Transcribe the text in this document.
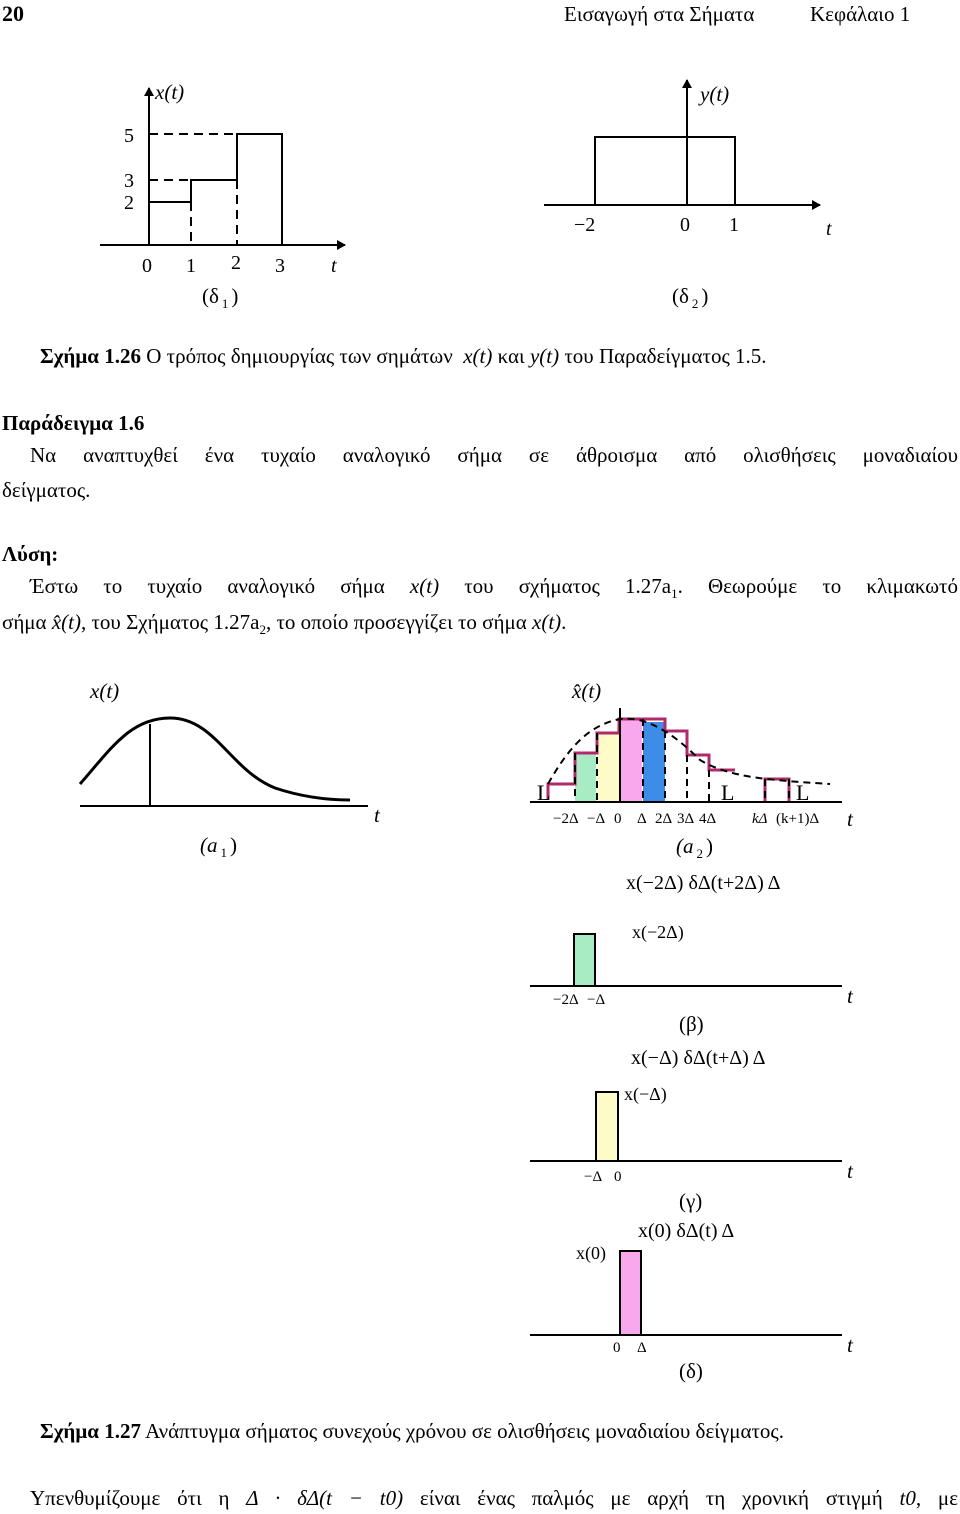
20	Εισαγωγή στα Σήματα	Κεφάλαιο 1
x(t)
5
3
2
0 1 2 3 t
(δ $_1$ )
y(t)
−2	0 1	t
(δ $_2$ )
x(t)
t
(a $_1$ )
x̂(t)
L	L	L
−2Δ −Δ 0 Δ 2Δ 3Δ 4Δ kΔ (k+1)Δ t
(a $_2$ )
x(−2Δ) δΔ(t+2Δ) Δ
x(−2Δ)
−2Δ −Δ	t
(β)
x(−Δ) δΔ(t+Δ) Δ
x(−Δ)
−Δ 0	t
(γ)
x(0) δΔ(t) Δ
x(0)
0 Δ	t
(δ)
Σχήμα 1.26 Ο τρόπος δημιουργίας των σημάτων x(t) και y(t) του Παραδείγματος 1.5.
Παράδειγμα 1.6
Να αναπτυχθεί ένα τυχαίο αναλογικό σήμα σε άθροισμα από ολισθήσεις μοναδιαίου
δείγματος.
Λύση:
Έστω το τυχαίο αναλογικό σήμα x(t) του σχήματος $1.27a_1$. Θεωρούμε το κλιμακωτό
σήμα x̂(t), του Σχήματος $1.27a_2$, το οποίο προσεγγίζει το σήμα x(t).
Σχήμα 1.27 Ανάπτυγμα σήματος συνεχούς χρόνου σε ολισθήσεις μοναδιαίου δείγματος.
Υπενθυμίζουμε ότι η Δ · δΔ(t − t0) είναι ένας παλμός με αρχή τη χρονική στιγμή t0, με
